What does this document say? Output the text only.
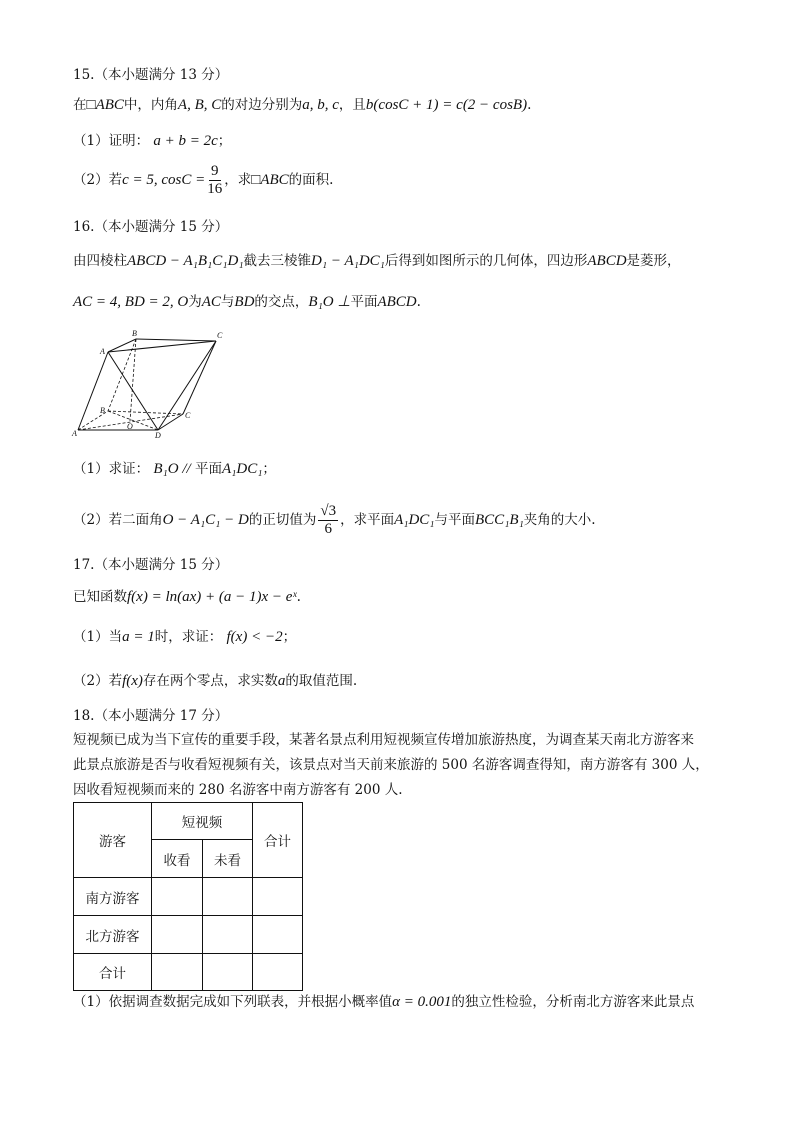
15.（本小题满分 13 分）
在□ABC中，内角A, B, C的对边分别为a, b, c，且b(cosC + 1) = c(2 − cosB).
（1）证明： a + b = 2c；
（2）若c = 5, $\cos C = \frac{9}{16}$ ，求□ABC的面积.
16.（本小题满分 15 分）
由四棱柱ABCD − A₁B₁C₁D₁截去三棱锥D₁ − A₁DC₁后得到如图所示的几何体，四边形ABCD是菱形，
AC = 4, BD = 2, O为AC与BD的交点，B₁O ⊥平面ABCD.
B	C
A
B
C
A	D
O
（1）求证： B₁O // 平面A₁DC₁；
（2）若二面角O − A₁C₁ − D的正切值为 $\frac{√3}{6}$ ，求平面A₁DC₁与平面BCC₁B₁夹角的大小.
17.（本小题满分 15 分）
已知函数f(x) = ln(ax) + (a − 1)x − eˣ.
（1）当a = 1时，求证： f(x) < −2；
（2）若f(x)存在两个零点，求实数a的取值范围.
18.（本小题满分 17 分）
短视频已成为当下宣传的重要手段，某著名景点利用短视频宣传增加旅游热度，为调查某天南北方游客来
此景点旅游是否与收看短视频有关，该景点对当天前来旅游的 500 名游客调查得知，南方游客有 300 人，
因收看短视频而来的 280 名游客中南方游客有 200 人.
游客	短视频		合计
	收看	未看	
南方游客			
北方游客			
合计			
（1）依据调查数据完成如下列联表，并根据小概率值α = 0.001的独立性检验，分析南北方游客来此景点
